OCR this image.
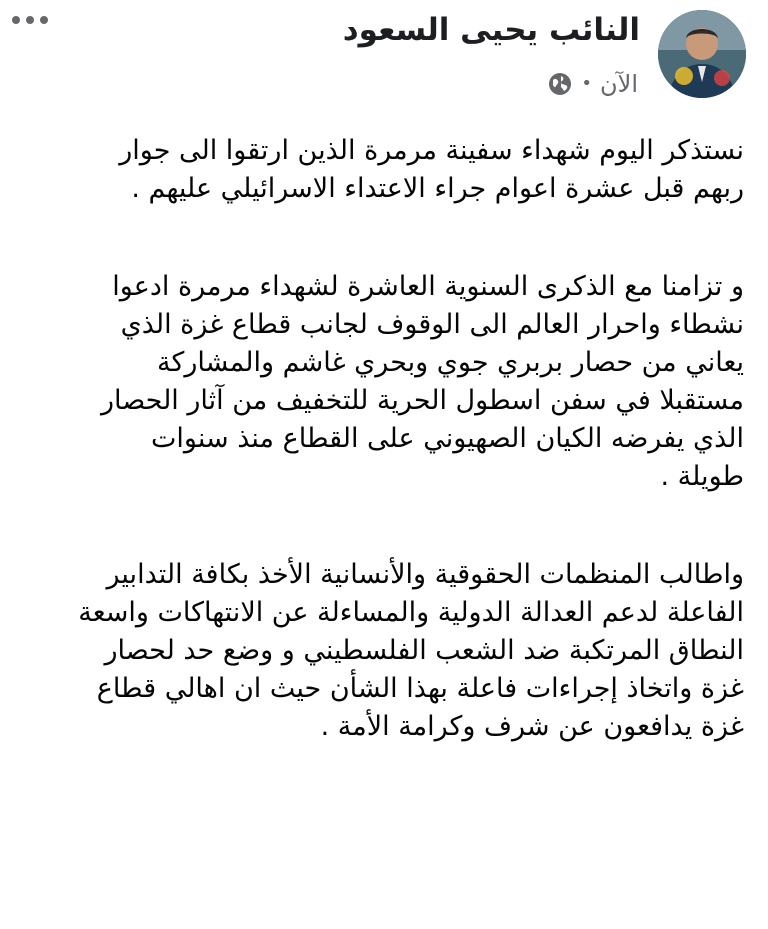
النائب يحيى السعود
الآن
•

نستذكر اليوم شهداء سفينة مرمرة الذين ارتقوا الى جوار
ربهم قبل عشرة اعوام جراء الاعتداء الاسرائيلي عليهم .

و تزامنا مع الذكرى السنوية العاشرة لشهداء مرمرة ادعوا
نشطاء واحرار العالم الى الوقوف لجانب قطاع غزة الذي
يعاني من حصار بربري جوي وبحري غاشم والمشاركة
مستقبلا في سفن اسطول الحرية للتخفيف من آثار الحصار
الذي يفرضه الكيان الصهيوني على القطاع منذ سنوات
طويلة .

واطالب المنظمات الحقوقية والأنسانية الأخذ بكافة التدابير
الفاعلة لدعم العدالة الدولية والمساءلة عن الانتهاكات واسعة
النطاق المرتكبة ضد الشعب الفلسطيني و وضع حد لحصار
غزة واتخاذ إجراءات فاعلة بهذا الشأن حيث ان اهالي قطاع
غزة يدافعون عن شرف وكرامة الأمة .
